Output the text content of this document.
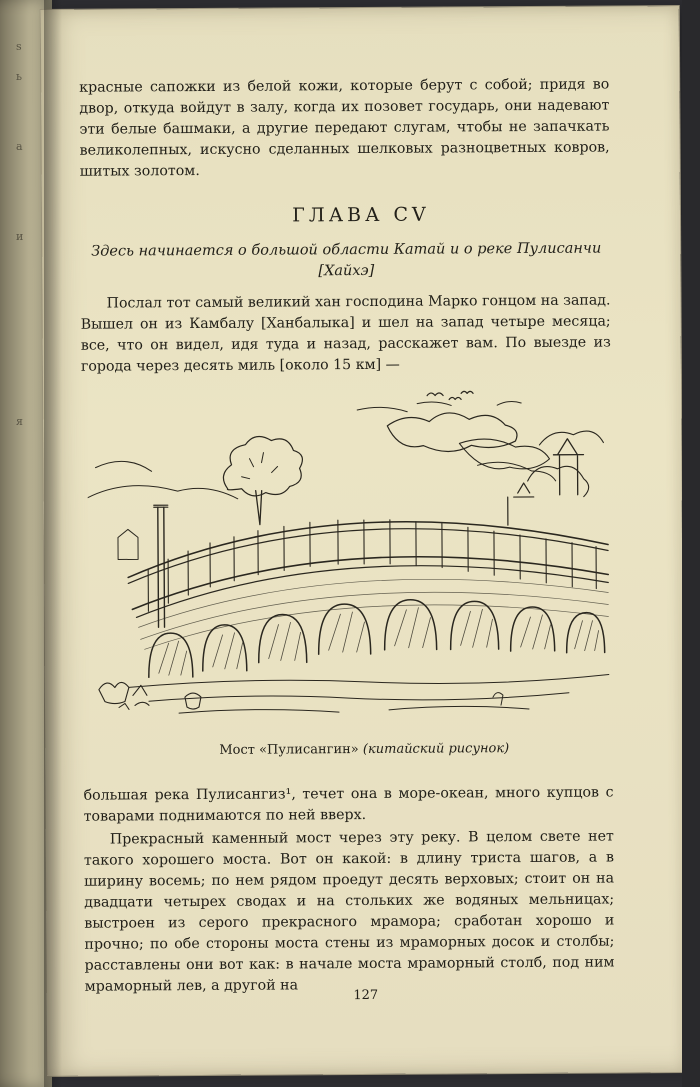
s
ь
а
и
я

красные сапожки из белой кожи, которые берут с собой; придя во двор, откуда войдут в залу, когда их позовет государь, они надевают эти белые башмаки, а другие передают слугам, чтобы не запачкать великолепных, искусно сделанных шелковых разноцветных ковров, шитых золотом.

ГЛАВА CV

Здесь начинается о большой области Катай и о реке Пулисанчи [Хайхэ]

Послал тот самый великий хан господина Марко гонцом на запад. Вышел он из Камбалу [Ханбалыка] и шел на запад четыре месяца; все, что он видел, идя туда и назад, расскажет вам. По выезде из города через десять миль [около 15 км] —

Мост «Пулисангин» (китайский рисунок)

большая река Пулисангиз¹, течет она в море-океан, много купцов с товарами поднимаются по ней вверх.

Прекрасный каменный мост через эту реку. В целом свете нет такого хорошего моста. Вот он какой: в длину триста шагов, а в ширину восемь; по нем рядом проедут десять верховых; стоит он на двадцати четырех сводах и на стольких же водяных мельницах; выстроен из серого прекрасного мрамора; сработан хорошо и прочно; по обе стороны моста стены из мраморных досок и столбы; расставлены они вот как: в начале моста мраморный столб, под ним мраморный лев, а другой на

127
